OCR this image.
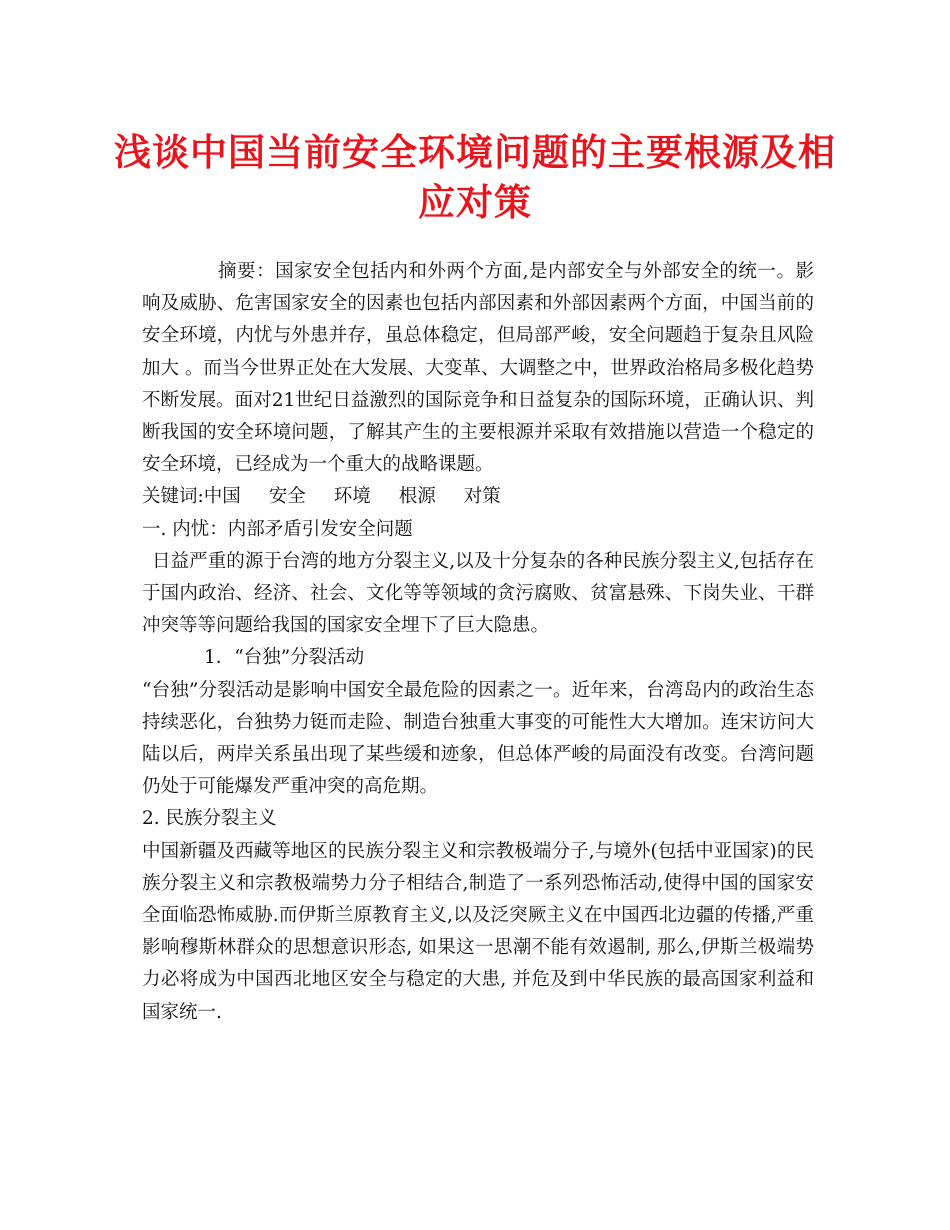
浅谈中国当前安全环境问题的主要根源及相
应对策

摘要：国家安全包括内和外两个方面,是内部安全与外部安全的统一。影响及威胁、危害国家安全的因素也包括内部因素和外部因素两个方面，中国当前的安全环境，内忧与外患并存，虽总体稳定，但局部严峻，安全问题趋于复杂且风险加大 。而当今世界正处在大发展、大变革、大调整之中，世界政治格局多极化趋势不断发展。面对21世纪日益激烈的国际竞争和日益复杂的国际环境，正确认识、判断我国的安全环境问题，了解其产生的主要根源并采取有效措施以营造一个稳定的安全环境，已经成为一个重大的战略课题。

关键词:中国 安全 环境 根源 对策

一. 内忧：内部矛盾引发安全问题

日益严重的源于台湾的地方分裂主义,以及十分复杂的各种民族分裂主义,包括存在于国内政治、经济、社会、文化等等领域的贪污腐败、贫富悬殊、下岗失业、干群冲突等等问题给我国的国家安全埋下了巨大隐患。

1．“台独”分裂活动

“台独”分裂活动是影响中国安全最危险的因素之一。近年来，台湾岛内的政治生态持续恶化，台独势力铤而走险、制造台独重大事变的可能性大大增加。连宋访问大陆以后，两岸关系虽出现了某些缓和迹象，但总体严峻的局面没有改变。台湾问题仍处于可能爆发严重冲突的高危期。

2. 民族分裂主义

中国新疆及西藏等地区的民族分裂主义和宗教极端分子,与境外(包括中亚国家)的民族分裂主义和宗教极端势力分子相结合,制造了一系列恐怖活动,使得中国的国家安全面临恐怖威胁.而伊斯兰原教育主义,以及泛突厥主义在中国西北边疆的传播,严重影响穆斯林群众的思想意识形态, 如果这一思潮不能有效遏制, 那么,伊斯兰极端势力必将成为中国西北地区安全与稳定的大患, 并危及到中华民族的最高国家利益和国家统一.
